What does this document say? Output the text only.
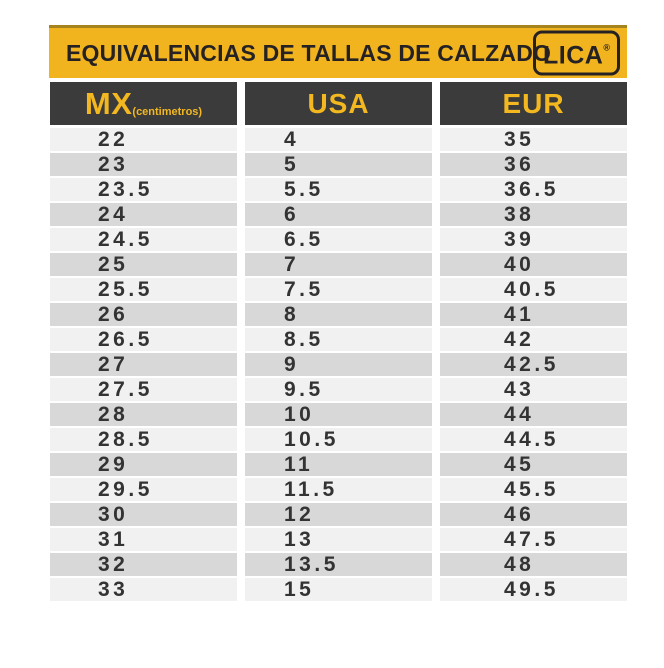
EQUIVALENCIAS DE TALLAS DE CALZADO
LICA®
MX (centimetros)	USA	EUR
22	4	35
23	5	36
23.5	5.5	36.5
24	6	38
24.5	6.5	39
25	7	40
25.5	7.5	40.5
26	8	41
26.5	8.5	42
27	9	42.5
27.5	9.5	43
28	10	44
28.5	10.5	44.5
29	11	45
29.5	11.5	45.5
30	12	46
31	13	47.5
32	13.5	48
33	15	49.5
